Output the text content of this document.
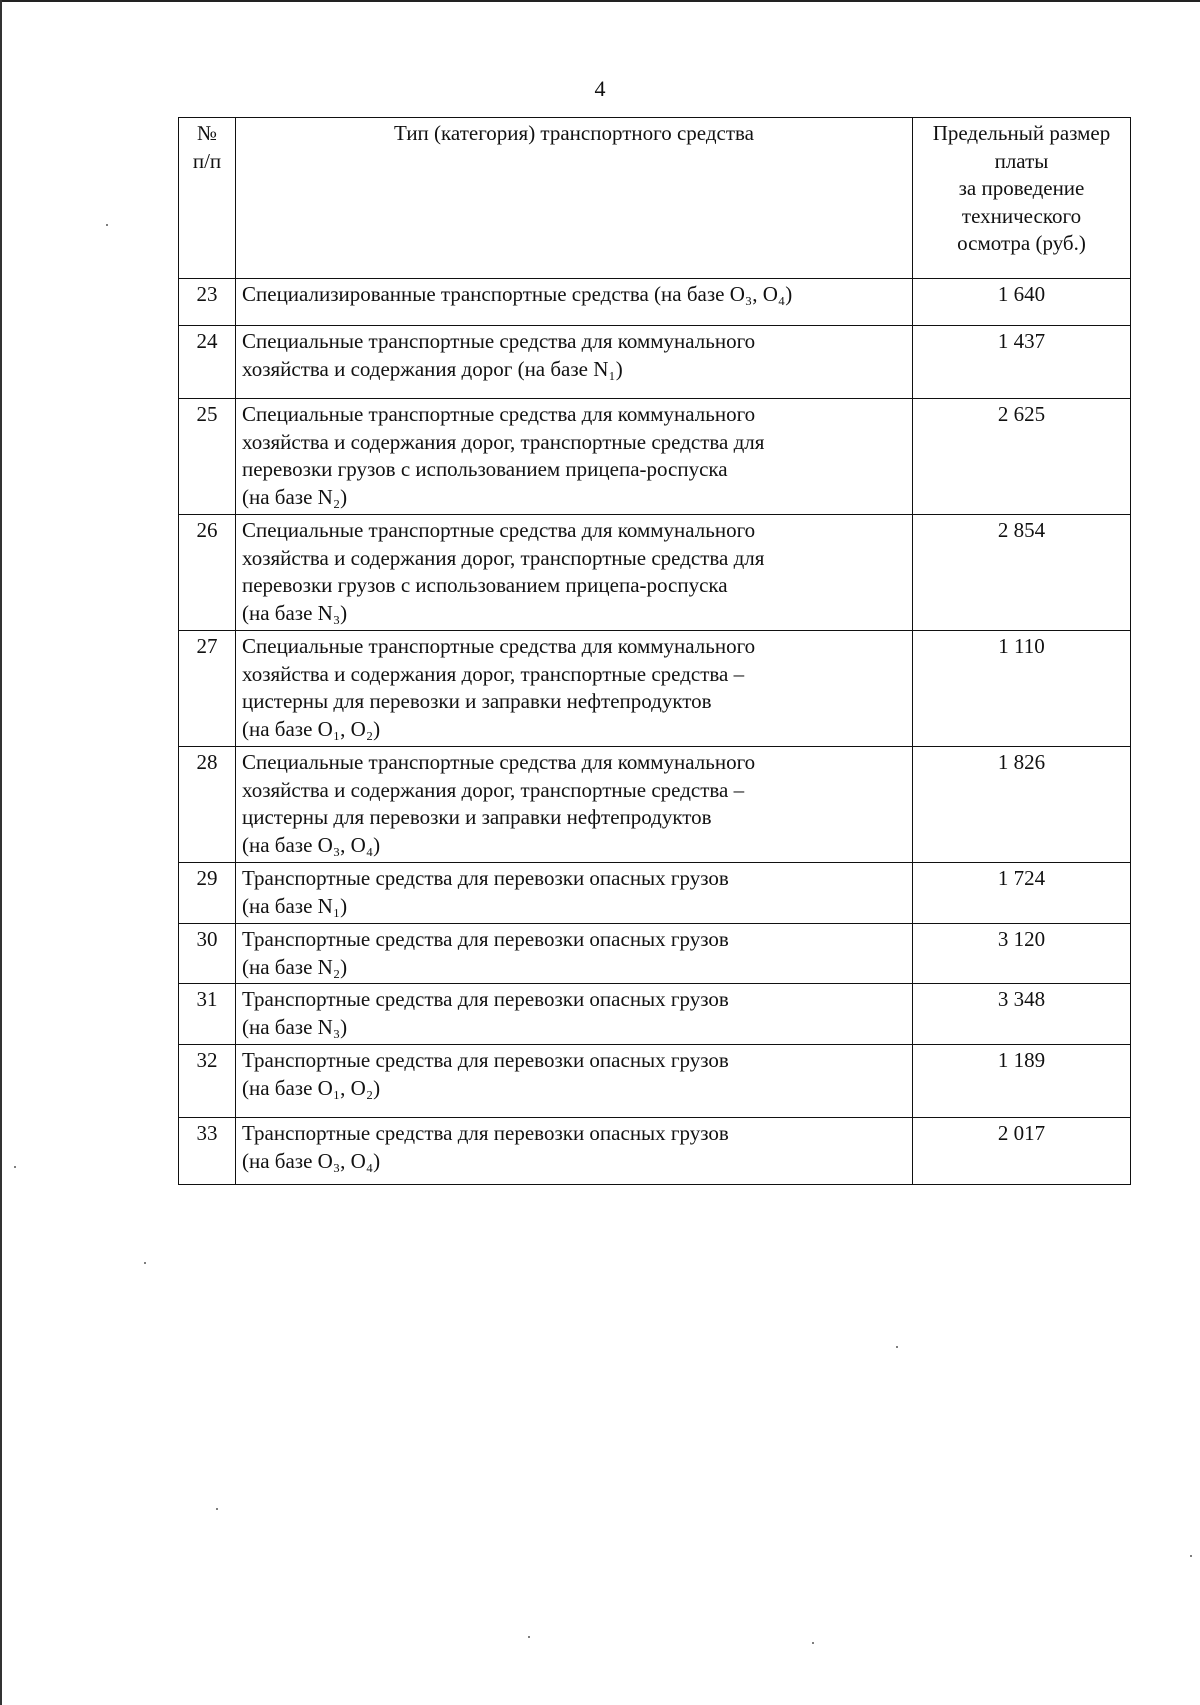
4
№
п/п	Тип (категория) транспортного средства	Предельный размер
платы
за проведение
технического
осмотра (руб.)
23	Специализированные транспортные средства (на базе O₃, O₄)	1 640
24	Специальные транспортные средства для коммунального
хозяйства и содержания дорог (на базе N₁)	1 437
25	Специальные транспортные средства для коммунального
хозяйства и содержания дорог, транспортные средства для
перевозки грузов с использованием прицепа-роспуска
(на базе N₂)	2 625
26	Специальные транспортные средства для коммунального
хозяйства и содержания дорог, транспортные средства для
перевозки грузов с использованием прицепа-роспуска
(на базе N₃)	2 854
27	Специальные транспортные средства для коммунального
хозяйства и содержания дорог, транспортные средства –
цистерны для перевозки и заправки нефтепродуктов
(на базе O₁, O₂)	1 110
28	Специальные транспортные средства для коммунального
хозяйства и содержания дорог, транспортные средства –
цистерны для перевозки и заправки нефтепродуктов
(на базе O₃, O₄)	1 826
29	Транспортные средства для перевозки опасных грузов
(на базе N₁)	1 724
30	Транспортные средства для перевозки опасных грузов
(на базе N₂)	3 120
31	Транспортные средства для перевозки опасных грузов
(на базе N₃)	3 348
32	Транспортные средства для перевозки опасных грузов
(на базе O₁, O₂)	1 189
33	Транспортные средства для перевозки опасных грузов
(на базе O₃, O₄)	2 017
